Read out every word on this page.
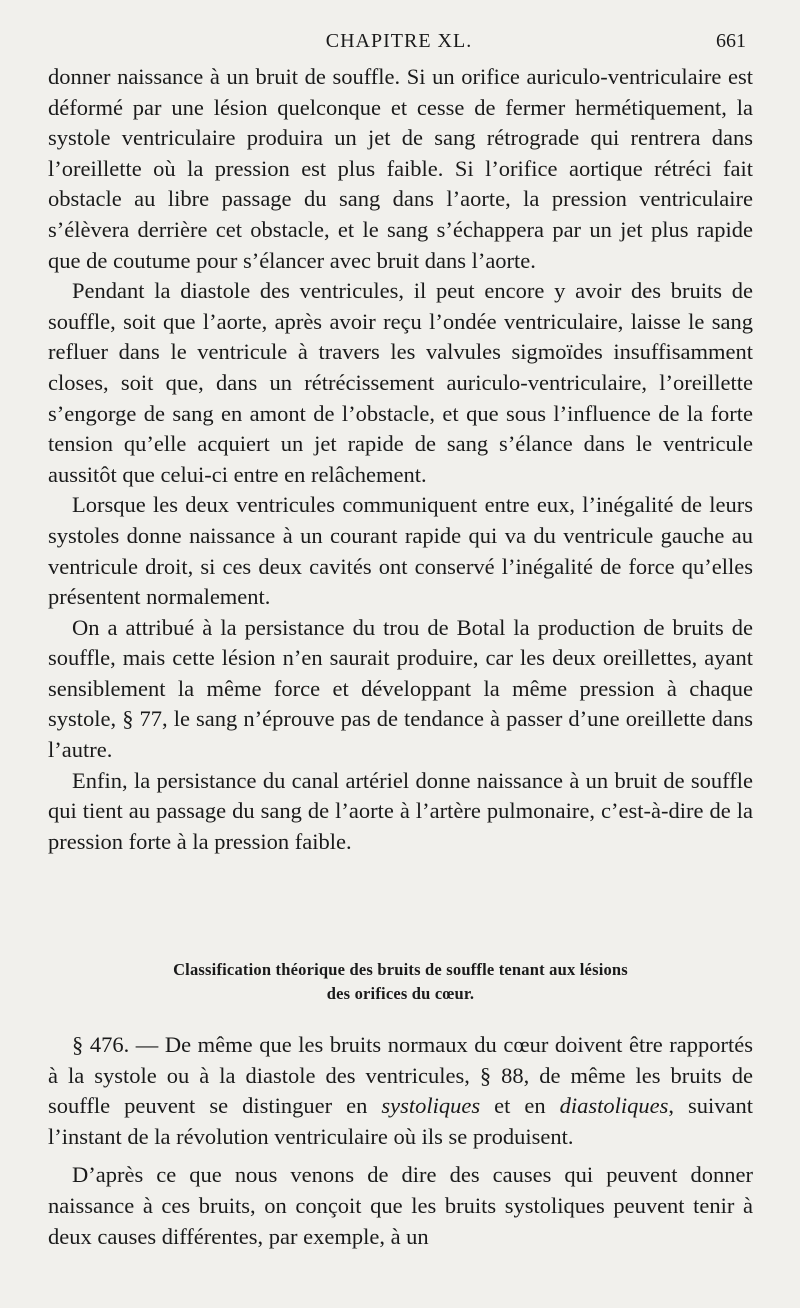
CHAPITRE XL.	661

donner naissance à un bruit de souffle. Si un orifice auriculo-ventriculaire est déformé par une lésion quelconque et cesse de fermer hermétiquement, la systole ventriculaire produira un jet de sang rétrograde qui rentrera dans l’oreillette où la pression est plus faible. Si l’orifice aortique rétréci fait obstacle au libre passage du sang dans l’aorte, la pression ventriculaire s’élèvera derrière cet obstacle, et le sang s’échappera par un jet plus rapide que de coutume pour s’élancer avec bruit dans l’aorte.

Pendant la diastole des ventricules, il peut encore y avoir des bruits de souffle, soit que l’aorte, après avoir reçu l’ondée ventriculaire, laisse le sang refluer dans le ventricule à travers les valvules sigmoïdes insuffisamment closes, soit que, dans un rétrécissement auriculo-ventriculaire, l’oreillette s’engorge de sang en amont de l’obstacle, et que sous l’influence de la forte tension qu’elle acquiert un jet rapide de sang s’élance dans le ventricule aussitôt que celui-ci entre en relâchement.

Lorsque les deux ventricules communiquent entre eux, l’inégalité de leurs systoles donne naissance à un courant rapide qui va du ventricule gauche au ventricule droit, si ces deux cavités ont conservé l’inégalité de force qu’elles présentent normalement.

On a attribué à la persistance du trou de Botal la production de bruits de souffle, mais cette lésion n’en saurait produire, car les deux oreillettes, ayant sensiblement la même force et développant la même pression à chaque systole, § 77, le sang n’éprouve pas de tendance à passer d’une oreillette dans l’autre.

Enfin, la persistance du canal artériel donne naissance à un bruit de souffle qui tient au passage du sang de l’aorte à l’artère pulmonaire, c’est-à-dire de la pression forte à la pression faible.

Classification théorique des bruits de souffle tenant aux lésions
des orifices du cœur.

§ 476. — De même que les bruits normaux du cœur doivent être rapportés à la systole ou à la diastole des ventricules, § 88, de même les bruits de souffle peuvent se distinguer en systoliques et en diastoliques, suivant l’instant de la révolution ventriculaire où ils se produisent.

D’après ce que nous venons de dire des causes qui peuvent donner naissance à ces bruits, on conçoit que les bruits systoliques peuvent tenir à deux causes différentes, par exemple, à un
